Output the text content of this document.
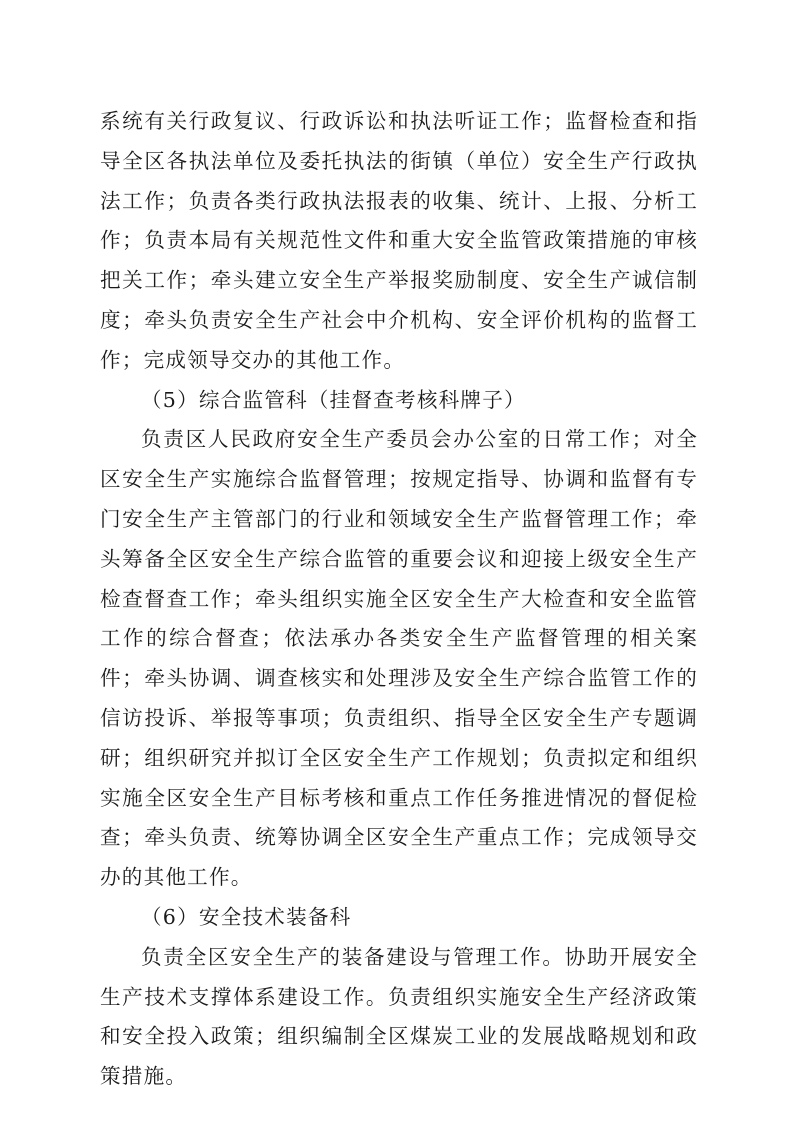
系统有关行政复议、行政诉讼和执法听证工作；监督检查和指导全区各执法单位及委托执法的街镇（单位）安全生产行政执法工作；负责各类行政执法报表的收集、统计、上报、分析工作；负责本局有关规范性文件和重大安全监管政策措施的审核把关工作；牵头建立安全生产举报奖励制度、安全生产诚信制度；牵头负责安全生产社会中介机构、安全评价机构的监督工作；完成领导交办的其他工作。

（5）综合监管科（挂督查考核科牌子）

负责区人民政府安全生产委员会办公室的日常工作；对全区安全生产实施综合监督管理；按规定指导、协调和监督有专门安全生产主管部门的行业和领域安全生产监督管理工作；牵头筹备全区安全生产综合监管的重要会议和迎接上级安全生产检查督查工作；牵头组织实施全区安全生产大检查和安全监管工作的综合督查；依法承办各类安全生产监督管理的相关案件；牵头协调、调查核实和处理涉及安全生产综合监管工作的信访投诉、举报等事项；负责组织、指导全区安全生产专题调研；组织研究并拟订全区安全生产工作规划；负责拟定和组织实施全区安全生产目标考核和重点工作任务推进情况的督促检查；牵头负责、统筹协调全区安全生产重点工作；完成领导交办的其他工作。

（6）安全技术装备科

负责全区安全生产的装备建设与管理工作。协助开展安全生产技术支撑体系建设工作。负责组织实施安全生产经济政策和安全投入政策；组织编制全区煤炭工业的发展战略规划和政策措施。
